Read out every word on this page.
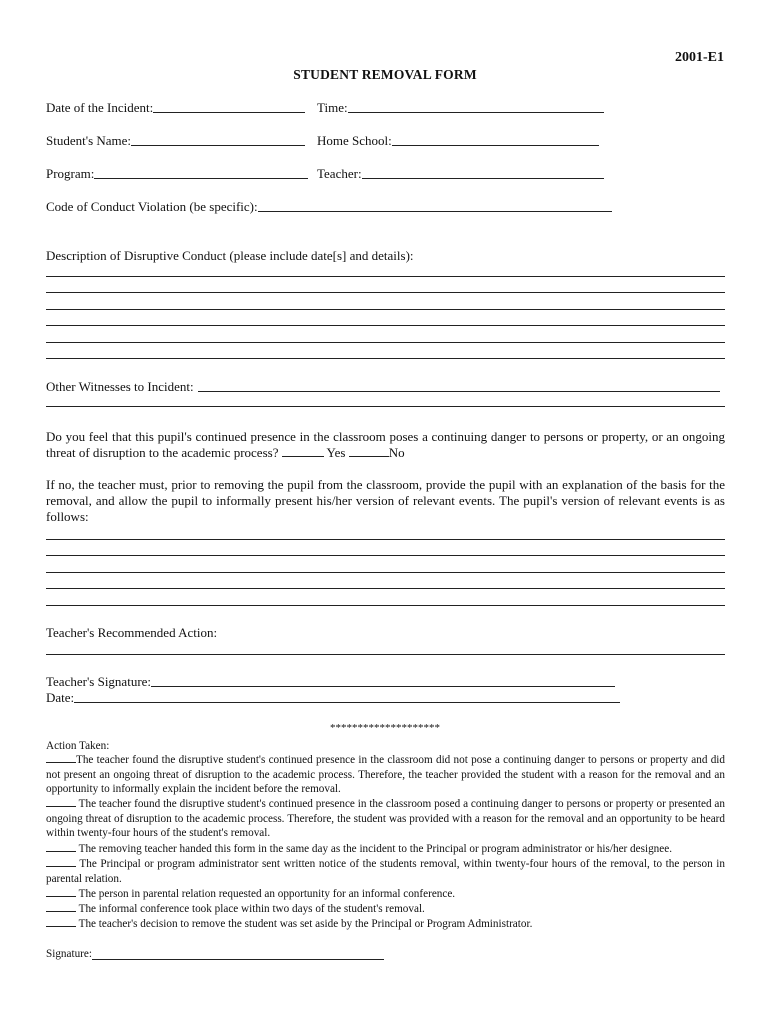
2001-E1
STUDENT REMOVAL FORM
Date of the Incident:	Time:
Student's Name:	Home School:
Program:	Teacher:
Code of Conduct Violation (be specific):
Description of Disruptive Conduct (please include date[s] and details):
Other Witnesses to Incident:
Do you feel that this pupil's continued presence in the classroom poses a continuing danger to persons or property, or an ongoing threat of disruption to the academic process?	Yes	No
If no, the teacher must, prior to removing the pupil from the classroom, provide the pupil with an explanation of the basis for the removal, and allow the pupil to informally present his/her version of relevant events. The pupil's version of relevant events is as follows:
Teacher's Recommended Action:
Teacher's Signature:
Date:
********************
Action Taken:
The teacher found the disruptive student's continued presence in the classroom did not pose a continuing danger to persons or property and did not present an ongoing threat of disruption to the academic process. Therefore, the teacher provided the student with a reason for the removal and an opportunity to informally explain the incident before the removal.
The teacher found the disruptive student's continued presence in the classroom posed a continuing danger to persons or property or presented an ongoing threat of disruption to the academic process. Therefore, the student was provided with a reason for the removal and an opportunity to be heard within twenty-four hours of the student's removal.
The removing teacher handed this form in the same day as the incident to the Principal or program administrator or his/her designee.
The Principal or program administrator sent written notice of the students removal, within twenty-four hours of the removal, to the person in parental relation.
The person in parental relation requested an opportunity for an informal conference.
The informal conference took place within two days of the student's removal.
The teacher's decision to remove the student was set aside by the Principal or Program Administrator.
Signature:
